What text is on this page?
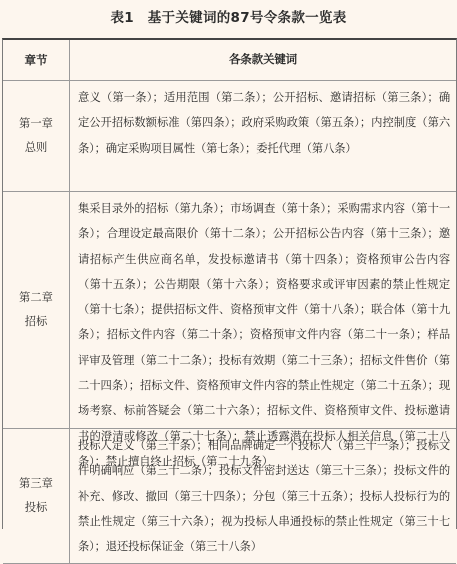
表1　基于关键词的87号令条款一览表
章节	各条款关键词
第一章
总则
意义（第一条）；适用范围（第二条）；公开招标、邀请招标（第三条）；确定公开招标数额标准（第四条）；政府采购政策（第五条）；内控制度（第六条）；确定采购项目属性（第七条）；委托代理（第八条）
第二章
招标
集采目录外的招标（第九条）；市场调查（第十条）；采购需求内容（第十一条）；合理设定最高限价（第十二条）；公开招标公告内容（第十三条）；邀请招标产生供应商名单，发投标邀请书（第十四条）；资格预审公告内容（第十五条）；公告期限（第十六条）；资格要求或评审因素的禁止性规定（第十七条）；提供招标文件、资格预审文件（第十八条）；联合体（第十九条）；招标文件内容（第二十条）；资格预审文件内容（第二十一条）；样品评审及管理（第二十二条）；投标有效期（第二十三条）；招标文件售价（第二十四条）；招标文件、资格预审文件内容的禁止性规定（第二十五条）；现场考察、标前答疑会（第二十六条）；招标文件、资格预审文件、投标邀请书的澄清或修改（第二十七条）；禁止透露潜在投标人相关信息（第二十八条）；禁止擅自终止招标（第二十九条）
第三章
投标
投标人定义（第三十条）；相同品牌确定一个投标人（第三十一条）；投标文件明确响应（第三十二条）；投标文件密封送达（第三十三条）；投标文件的补充、修改、撤回（第三十四条）；分包（第三十五条）；投标人投标行为的禁止性规定（第三十六条）；视为投标人串通投标的禁止性规定（第三十七条）；退还投标保证金（第三十八条）
